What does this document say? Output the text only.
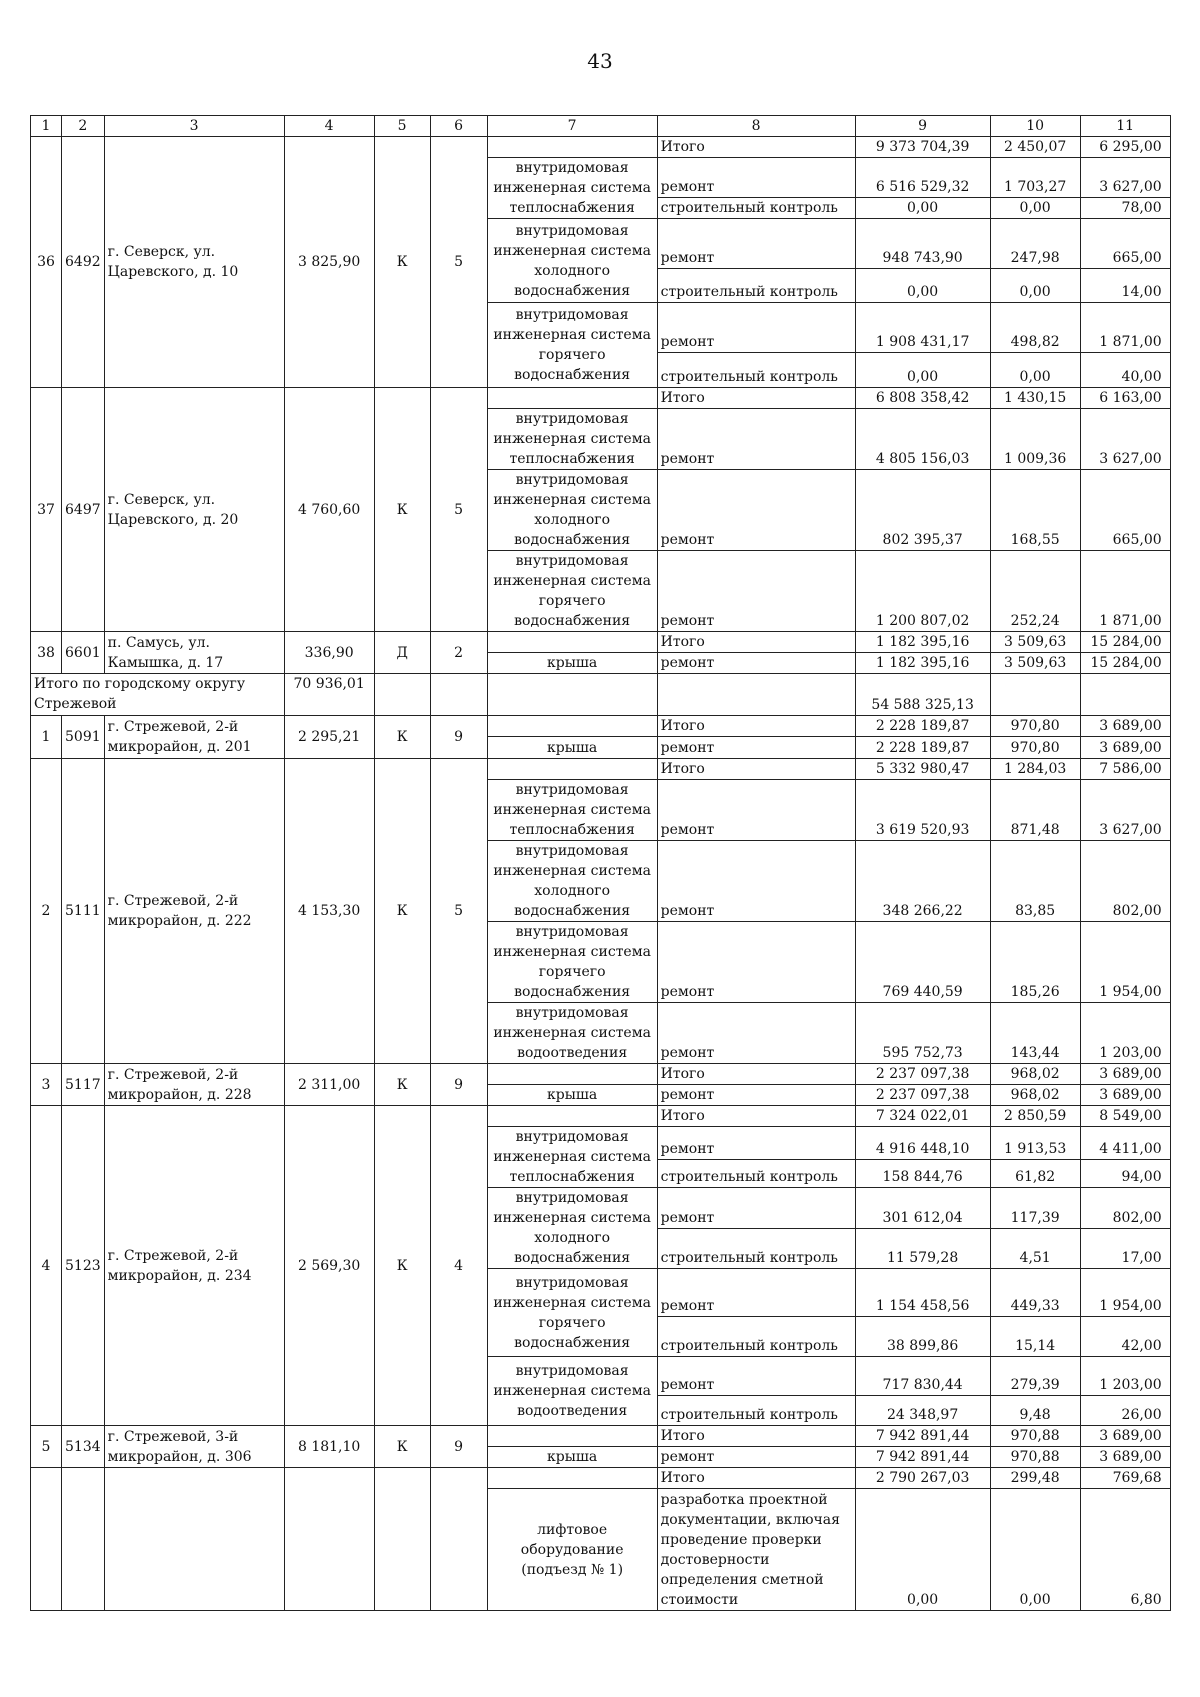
43
1	2	3	4	5	6	7	8	9	10	11
36	6492	г. Северск, ул. Царевского, д. 10	3 825,90	К	5		Итого	9 373 704,39	2 450,07	6 295,00
						внутридомовая инженерная система теплоснабжения	ремонт	6 516 529,32	1 703,27	3 627,00
							строительный контроль	0,00	0,00	78,00
						внутридомовая инженерная система холодного водоснабжения	ремонт	948 743,90	247,98	665,00
							строительный контроль	0,00	0,00	14,00
						внутридомовая инженерная система горячего водоснабжения	ремонт	1 908 431,17	498,82	1 871,00
							строительный контроль	0,00	0,00	40,00
37	6497	г. Северск, ул. Царевского, д. 20	4 760,60	К	5		Итого	6 808 358,42	1 430,15	6 163,00
						внутридомовая инженерная система теплоснабжения	ремонт	4 805 156,03	1 009,36	3 627,00
						внутридомовая инженерная система холодного водоснабжения	ремонт	802 395,37	168,55	665,00
						внутридомовая инженерная система горячего водоснабжения	ремонт	1 200 807,02	252,24	1 871,00
38	6601	п. Самусь, ул. Камышка, д. 17	336,90	Д	2		Итого	1 182 395,16	3 509,63	15 284,00
						крыша	ремонт	1 182 395,16	3 509,63	15 284,00
Итого по городскому округу Стрежевой			70 936,01					54 588 325,13		
1	5091	г. Стрежевой, 2-й микрорайон, д. 201	2 295,21	К	9		Итого	2 228 189,87	970,80	3 689,00
						крыша	ремонт	2 228 189,87	970,80	3 689,00
2	5111	г. Стрежевой, 2-й микрорайон, д. 222	4 153,30	К	5		Итого	5 332 980,47	1 284,03	7 586,00
						внутридомовая инженерная система теплоснабжения	ремонт	3 619 520,93	871,48	3 627,00
						внутридомовая инженерная система холодного водоснабжения	ремонт	348 266,22	83,85	802,00
						внутридомовая инженерная система горячего водоснабжения	ремонт	769 440,59	185,26	1 954,00
						внутридомовая инженерная система водоотведения	ремонт	595 752,73	143,44	1 203,00
3	5117	г. Стрежевой, 2-й микрорайон, д. 228	2 311,00	К	9		Итого	2 237 097,38	968,02	3 689,00
						крыша	ремонт	2 237 097,38	968,02	3 689,00
4	5123	г. Стрежевой, 2-й микрорайон, д. 234	2 569,30	К	4		Итого	7 324 022,01	2 850,59	8 549,00
						внутридомовая инженерная система теплоснабжения	ремонт	4 916 448,10	1 913,53	4 411,00
							строительный контроль	158 844,76	61,82	94,00
						внутридомовая инженерная система холодного водоснабжения	ремонт	301 612,04	117,39	802,00
							строительный контроль	11 579,28	4,51	17,00
						внутридомовая инженерная система горячего водоснабжения	ремонт	1 154 458,56	449,33	1 954,00
							строительный контроль	38 899,86	15,14	42,00
						внутридомовая инженерная система водоотведения	ремонт	717 830,44	279,39	1 203,00
							строительный контроль	24 348,97	9,48	26,00
5	5134	г. Стрежевой, 3-й микрорайон, д. 306	8 181,10	К	9		Итого	7 942 891,44	970,88	3 689,00
						крыша	ремонт	7 942 891,44	970,88	3 689,00
							Итого	2 790 267,03	299,48	769,68
						лифтовое оборудование (подъезд № 1)	разработка проектной документации, включая проведение проверки достоверности определения сметной стоимости	0,00	0,00	6,80
